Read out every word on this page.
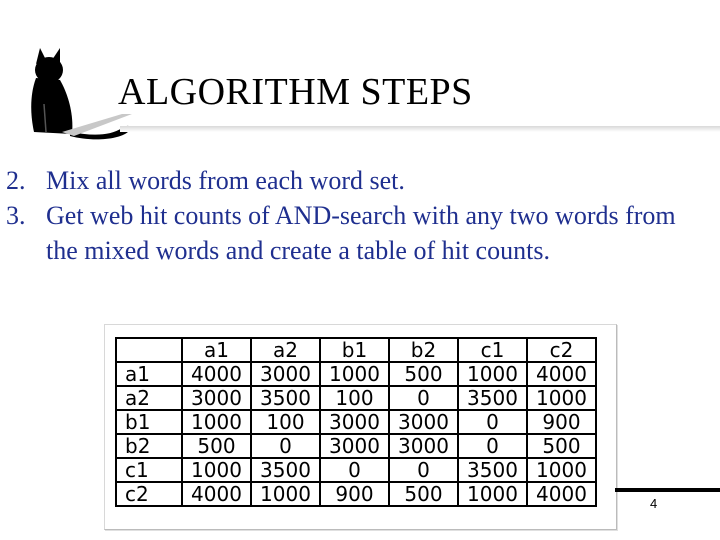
ALGORITHM STEPS
2. Mix all words from each word set.
3. Get web hit counts of AND-search with any two words from the mixed words and create a table of hit counts.
	a1	a2	b1	b2	c1	c2
a1	4000	3000	1000	500	1000	4000
a2	3000	3500	100	0	3500	1000
b1	1000	100	3000	3000	0	900
b2	500	0	3000	3000	0	500
c1	1000	3500	0	0	3500	1000
c2	4000	1000	900	500	1000	4000	4
